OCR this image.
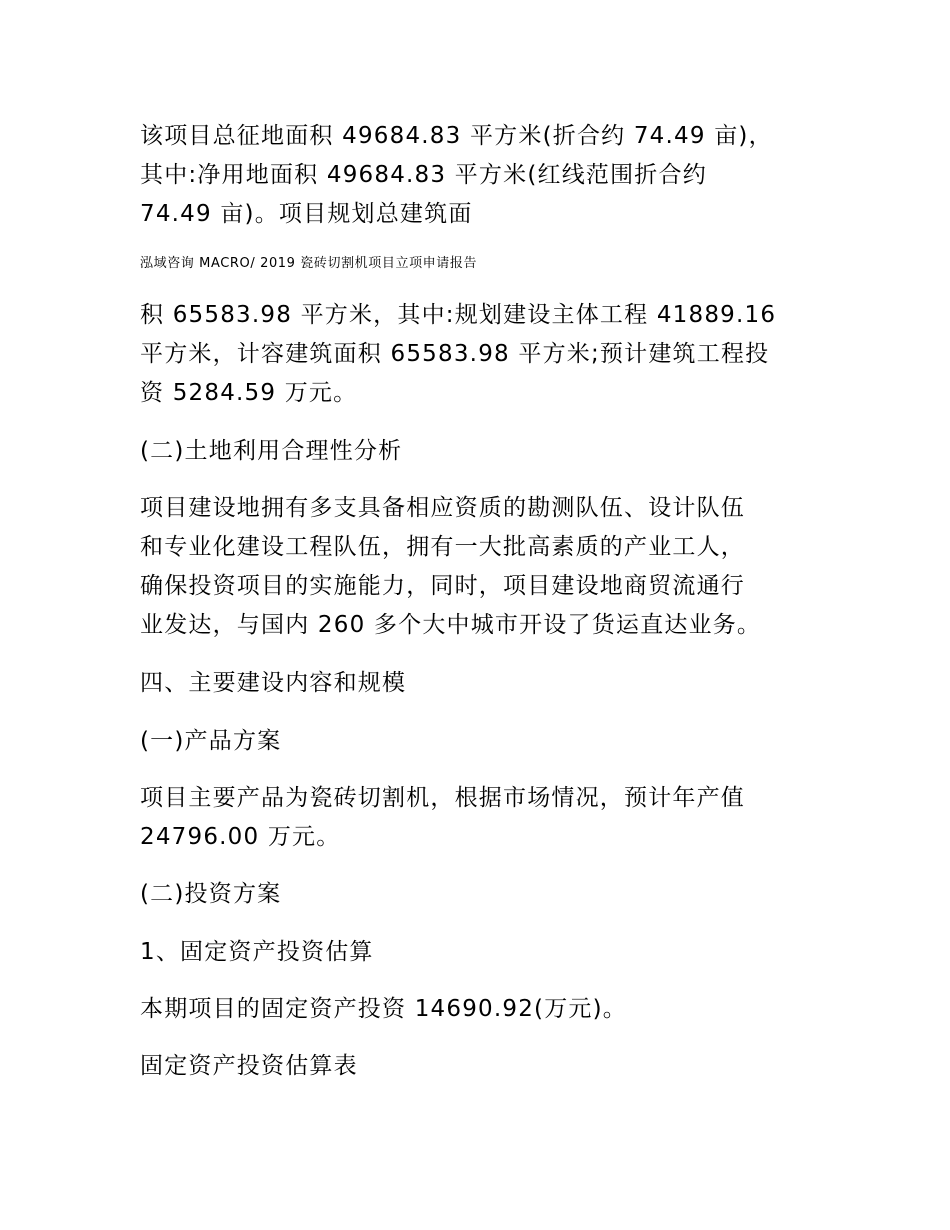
该项目总征地面积 49684.83 平方米(折合约 74.49 亩)，
其中:净用地面积 49684.83 平方米(红线范围折合约
74.49 亩)。项目规划总建筑面
泓域咨询 MACRO/ 2019 瓷砖切割机项目立项申请报告
积 65583.98 平方米，其中:规划建设主体工程 41889.16
平方米，计容建筑面积 65583.98 平方米;预计建筑工程投
资 5284.59 万元。
(二)土地利用合理性分析
项目建设地拥有多支具备相应资质的勘测队伍、设计队伍
和专业化建设工程队伍，拥有一大批高素质的产业工人，
确保投资项目的实施能力，同时，项目建设地商贸流通行
业发达，与国内 260 多个大中城市开设了货运直达业务。
四、主要建设内容和规模
(一)产品方案
项目主要产品为瓷砖切割机，根据市场情况，预计年产值
24796.00 万元。
(二)投资方案
1、固定资产投资估算
本期项目的固定资产投资 14690.92(万元)。
固定资产投资估算表
